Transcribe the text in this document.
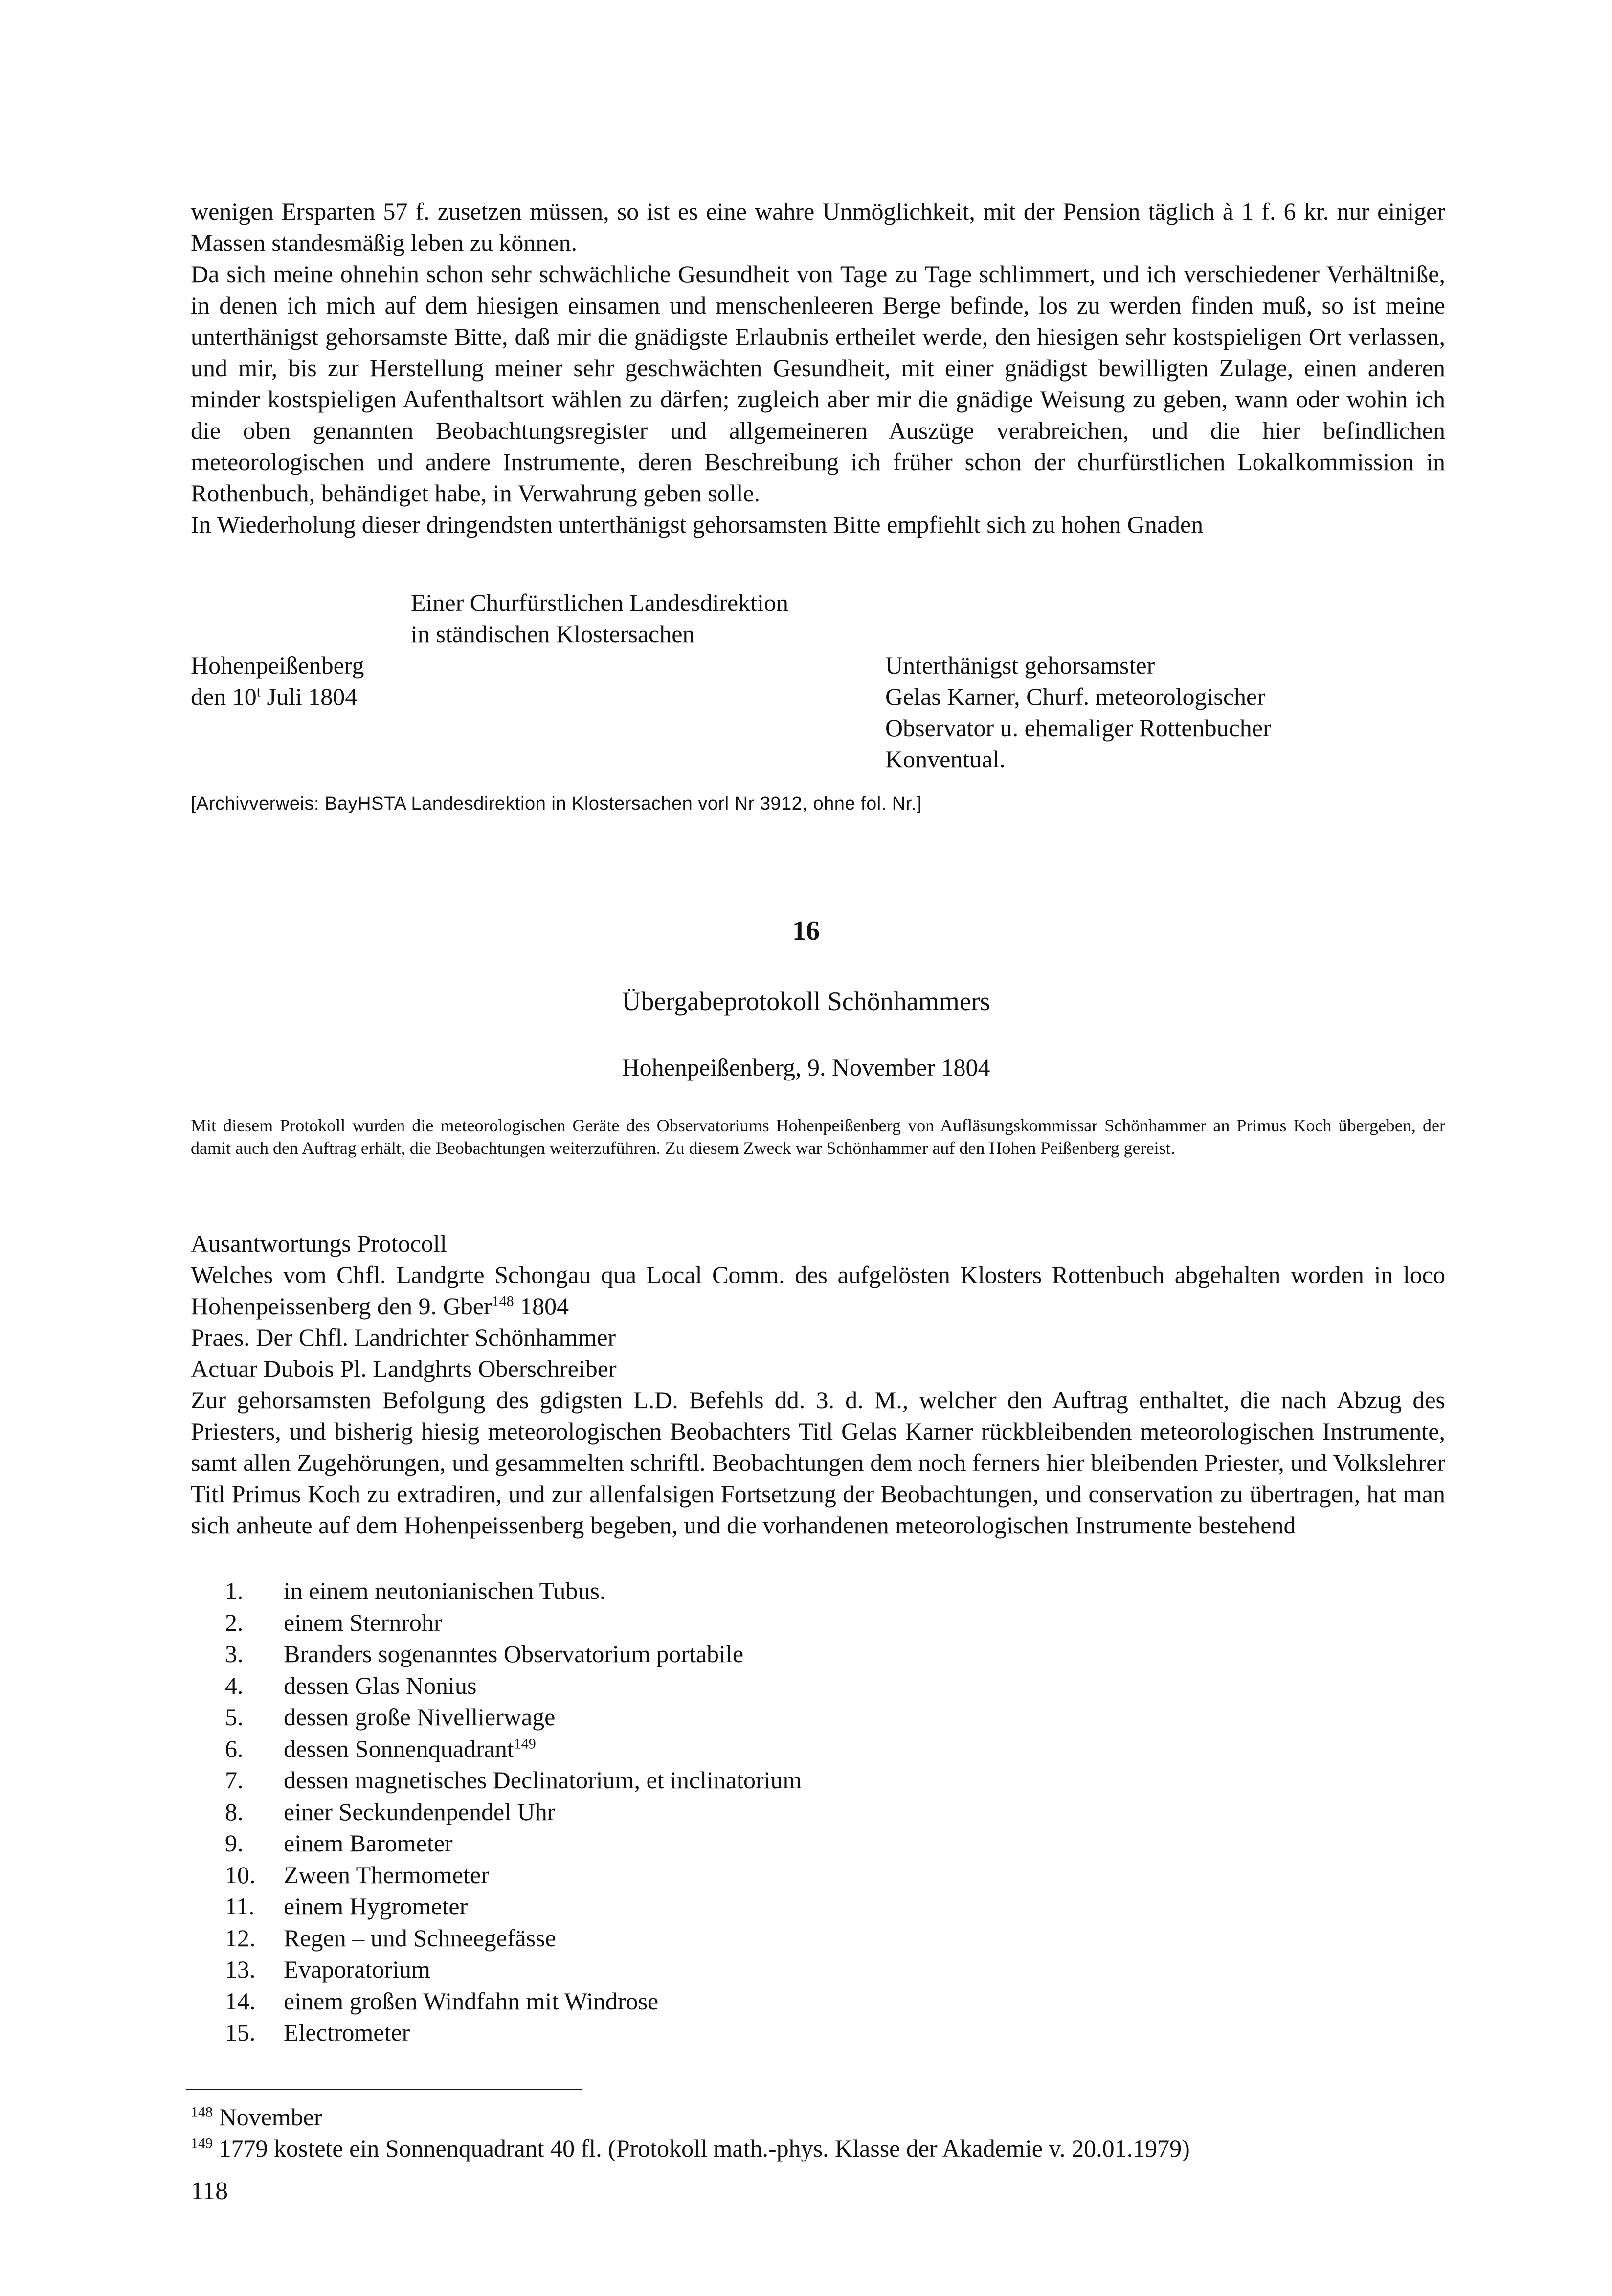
wenigen Ersparten 57 f. zusetzen müssen, so ist es eine wahre Unmöglichkeit, mit der Pension täglich à 1 f. 6 kr. nur einiger Massen standesmäßig leben zu können.

Da sich meine ohnehin schon sehr schwächliche Gesundheit von Tage zu Tage schlimmert, und ich verschiedener Verhältniße, in denen ich mich auf dem hiesigen einsamen und menschenleeren Berge befinde, los zu werden finden muß, so ist meine unterthänigst gehorsamste Bitte, daß mir die gnädigste Erlaubnis ertheilet werde, den hiesigen sehr kostspieligen Ort verlassen, und mir, bis zur Herstellung meiner sehr geschwächten Gesundheit, mit einer gnädigst bewilligten Zulage, einen anderen minder kostspieligen Aufenthaltsort wählen zu därfen; zugleich aber mir die gnädige Weisung zu geben, wann oder wohin ich die oben genannten Beobachtungsregister und allgemeineren Auszüge verabreichen, und die hier befindlichen meteorologischen und andere Instrumente, deren Beschreibung ich früher schon der churfürstlichen Lokalkommission in Rothenbuch, behändiget habe, in Verwahrung geben solle.

In Wiederholung dieser dringendsten unterthänigst gehorsamsten Bitte empfiehlt sich zu hohen Gnaden

Einer Churfürstlichen Landesdirektion
in ständischen Klostersachen
Hohenpeißenberg
den 10$^t$ Juli 1804
Unterthänigst gehorsamster
Gelas Karner, Churf. meteorologischer
Observator u. ehemaliger Rottenbucher
Konventual.
[Archivverweis: BayHSTA Landesdirektion in Klostersachen vorl Nr 3912, ohne fol. Nr.]
16
Übergabeprotokoll Schönhammers
Hohenpeißenberg, 9. November 1804
Mit diesem Protokoll wurden die meteorologischen Geräte des Observatoriums Hohenpeißenberg von Aufläsungskommissar Schönhammer an Primus Koch übergeben, der damit auch den Auftrag erhält, die Beobachtungen weiterzuführen. Zu diesem Zweck war Schönhammer auf den Hohen Peißenberg gereist.

Ausantwortungs Protocoll

Welches vom Chfl. Landgrte Schongau qua Local Comm. des aufgelösten Klosters Rottenbuch abgehalten worden in loco Hohenpeissenberg den 9. Gber$^{148}$ 1804

Praes. Der Chfl. Landrichter Schönhammer

Actuar Dubois Pl. Landghrts Oberschreiber

Zur gehorsamsten Befolgung des gdigsten L.D. Befehls dd. 3. d. M., welcher den Auftrag enthaltet, die nach Abzug des Priesters, und bisherig hiesig meteorologischen Beobachters Titl Gelas Karner rückbleibenden meteorologischen Instrumente, samt allen Zugehörungen, und gesammelten schriftl. Beobachtungen dem noch ferners hier bleibenden Priester, und Volkslehrer Titl Primus Koch zu extradiren, und zur allenfalsigen Fortsetzung der Beobachtungen, und conservation zu übertragen, hat man sich anheute auf dem Hohenpeissenberg begeben, und die vorhandenen meteorologischen Instrumente bestehend

1.	in einem neutonianischen Tubus.
2.	einem Sternrohr
3.	Branders sogenanntes Observatorium portabile
4.	dessen Glas Nonius
5.	dessen große Nivellierwage
6.	dessen Sonnenquadrant$^{149}$
7.	dessen magnetisches Declinatorium, et inclinatorium
8.	einer Seckundenpendel Uhr
9.	einem Barometer
10.	Zween Thermometer
11.	einem Hygrometer
12.	Regen – und Schneegefässe
13.	Evaporatorium
14.	einem großen Windfahn mit Windrose
15.	Electrometer
$^{148}$ November
$^{149}$ 1779 kostete ein Sonnenquadrant 40 fl. (Protokoll math.-phys. Klasse der Akademie v. 20.01.1979)
118
